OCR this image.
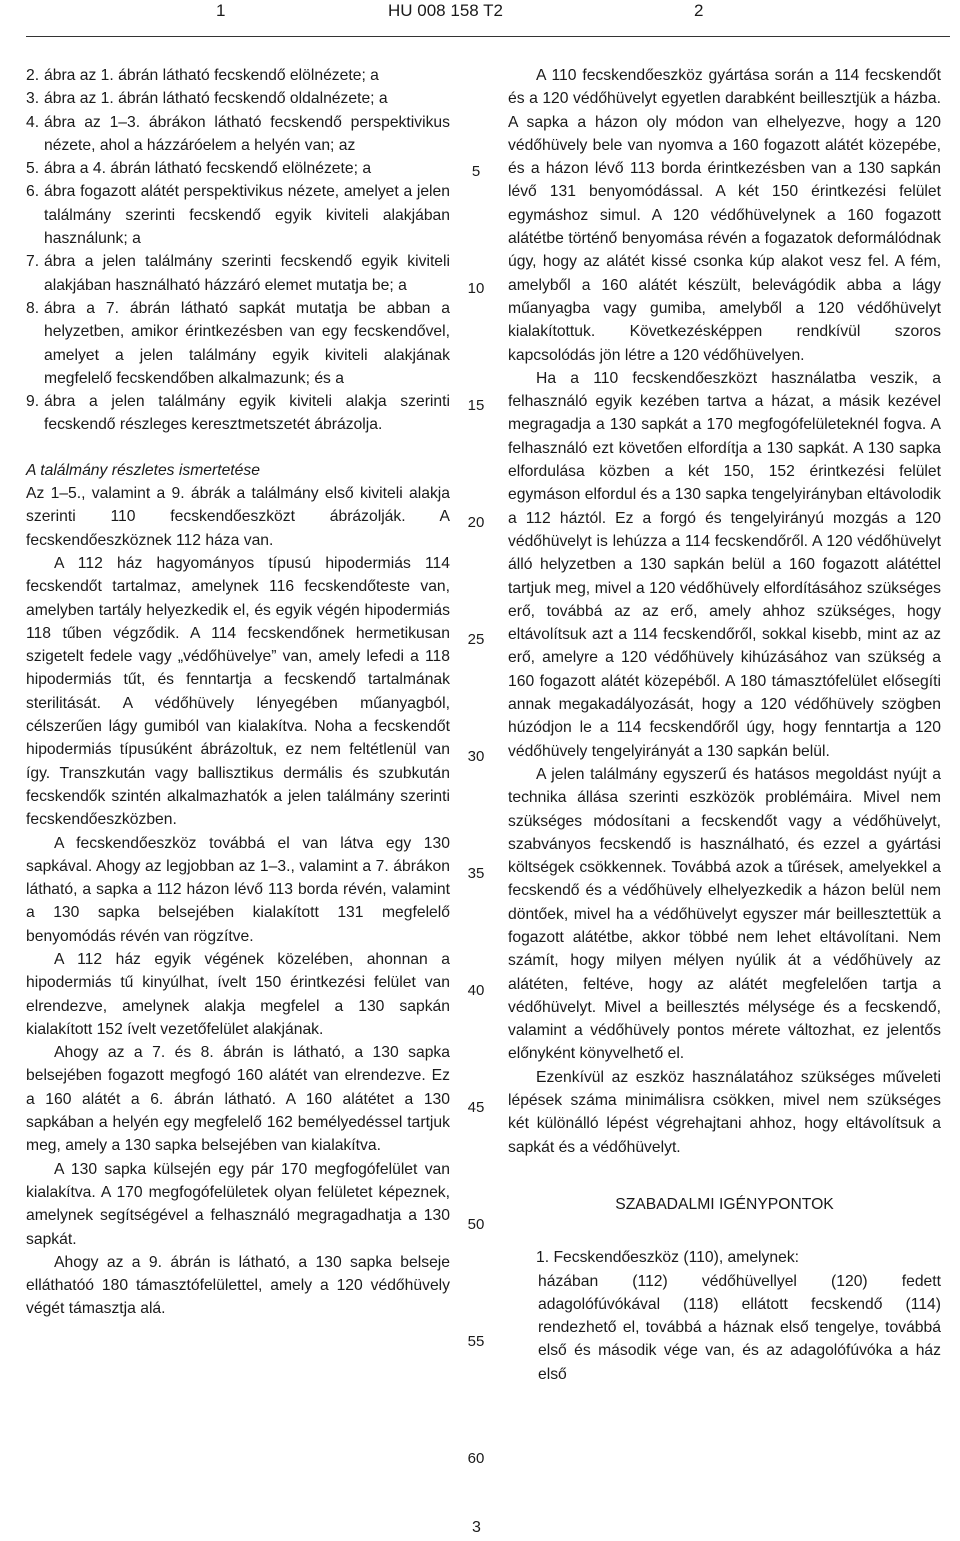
1	HU 008 158 T2	2
2. ábra az 1. ábrán látható fecskendő elölnézete; a
3. ábra az 1. ábrán látható fecskendő oldalnézete; a
4. ábra az 1–3. ábrákon látható fecskendő perspektivikus nézete, ahol a házzáróelem a helyén van; az
5. ábra a 4. ábrán látható fecskendő elölnézete; a
6. ábra fogazott alátét perspektivikus nézete, amelyet a jelen találmány szerinti fecskendő egyik kiviteli alakjában használunk; a
7. ábra a jelen találmány szerinti fecskendő egyik kiviteli alakjában használható házzáró elemet mutatja be; a
8. ábra a 7. ábrán látható sapkát mutatja be abban a helyzetben, amikor érintkezésben van egy fecskendővel, amelyet a jelen találmány egyik kiviteli alakjának megfelelő fecskendőben alkalmazunk; és a
9. ábra a jelen találmány egyik kiviteli alakja szerinti fecskendő részleges keresztmetszetét ábrázolja.

A találmány részletes ismertetése

Az 1–5., valamint a 9. ábrák a találmány első kiviteli alakja szerinti 110 fecskendőeszközt ábrázolják. A fecskendőeszköznek 112 háza van.

A 112 ház hagyományos típusú hipodermiás 114 fecskendőt tartalmaz, amelynek 116 fecskendőteste van, amelyben tartály helyezkedik el, és egyik végén hipodermiás 118 tűben végződik. A 114 fecskendőnek hermetikusan szigetelt fedele vagy „védőhüvelye” van, amely lefedi a 118 hipodermiás tűt, és fenntartja a fecskendő tartalmának sterilitását. A védőhüvely lényegében műanyagból, célszerűen lágy gumiból van kialakítva. Noha a fecskendőt hipodermiás típusúként ábrázoltuk, ez nem feltétlenül van így. Transzkután vagy ballisztikus dermális és szubkután fecskendők szintén alkalmazhatók a jelen találmány szerinti fecskendőeszközben.

A fecskendőeszköz továbbá el van látva egy 130 sapkával. Ahogy az legjobban az 1–3., valamint a 7. ábrákon látható, a sapka a 112 házon lévő 113 borda révén, valamint a 130 sapka belsejében kialakított 131 megfelelő benyomódás révén van rögzítve.

A 112 ház egyik végének közelében, ahonnan a hipodermiás tű kinyúlhat, ívelt 150 érintkezési felület van elrendezve, amelynek alakja megfelel a 130 sapkán kialakított 152 ívelt vezetőfelület alakjának.

Ahogy az a 7. és 8. ábrán is látható, a 130 sapka belsejében fogazott megfogó 160 alátét van elrendezve. Ez a 160 alátét a 6. ábrán látható. A 160 alátétet a 130 sapkában a helyén egy megfelelő 162 bemélyedéssel tartjuk meg, amely a 130 sapka belsejében van kialakítva.

A 130 sapka külsején egy pár 170 megfogófelület van kialakítva. A 170 megfogófelületek olyan felületet képeznek, amelynek segítségével a felhasználó megragadhatja a 130 sapkát.

Ahogy az a 9. ábrán is látható, a 130 sapka belseje elláthatóó 180 támasztófelülettel, amely a 120 védőhüvely végét támasztja alá.

5
10
15
20
25
30
35
40
45
50
55
60

A 110 fecskendőeszköz gyártása során a 114 fecskendőt és a 120 védőhüvelyt egyetlen darabként beillesztjük a házba. A sapka a házon oly módon van elhelyezve, hogy a 120 védőhüvely bele van nyomva a 160 fogazott alátét közepébe, és a házon lévő 113 borda érintkezésben van a 130 sapkán lévő 131 benyomódással. A két 150 érintkezési felület egymáshoz simul. A 120 védőhüvelynek a 160 fogazott alátétbe történő benyomása révén a fogazatok deformálódnak úgy, hogy az alátét kissé csonka kúp alakot vesz fel. A fém, amelyből a 160 alátét készült, belevágódik abba a lágy műanyagba vagy gumiba, amelyből a 120 védőhüvelyt kialakítottuk. Következésképpen rendkívül szoros kapcsolódás jön létre a 120 védőhüvelyen.

Ha a 110 fecskendőeszközt használatba veszik, a felhasználó egyik kezében tartva a házat, a másik kezével megragadja a 130 sapkát a 170 megfogófelületeknél fogva. A felhasználó ezt követően elfordítja a 130 sapkát. A 130 sapka elfordulása közben a két 150, 152 érintkezési felület egymáson elfordul és a 130 sapka tengelyirányban eltávolodik a 112 háztól. Ez a forgó és tengelyirányú mozgás a 120 védőhüvelyt is lehúzza a 114 fecskendőről. A 120 védőhüvelyt álló helyzetben a 130 sapkán belül a 160 fogazott alátéttel tartjuk meg, mivel a 120 védőhüvely elfordításához szükséges erő, továbbá az az erő, amely ahhoz szükséges, hogy eltávolítsuk azt a 114 fecskendőről, sokkal kisebb, mint az az erő, amelyre a 120 védőhüvely kihúzásához van szükség a 160 fogazott alátét közepéből. A 180 támasztófelület elősegíti annak megakadályozását, hogy a 120 védőhüvely szögben húzódjon le a 114 fecskendőről úgy, hogy fenntartja a 120 védőhüvely tengelyirányát a 130 sapkán belül.

A jelen találmány egyszerű és hatásos megoldást nyújt a technika állása szerinti eszközök problémáira. Mivel nem szükséges módosítani a fecskendőt vagy a védőhüvelyt, szabványos fecskendő is használható, és ezzel a gyártási költségek csökkennek. Továbbá azok a tűrések, amelyekkel a fecskendő és a védőhüvely elhelyezkedik a házon belül nem döntőek, mivel ha a védőhüvelyt egyszer már beillesztettük a fogazott alátétbe, akkor többé nem lehet eltávolítani. Nem számít, hogy milyen mélyen nyúlik át a védőhüvely az alátéten, feltéve, hogy az alátét megfelelően tartja a védőhüvelyt. Mivel a beillesztés mélysége és a fecskendő, valamint a védőhüvely pontos mérete változhat, ez jelentős előnyként könyvelhető el.

Ezenkívül az eszköz használatához szükséges műveleti lépések száma minimálisra csökken, mivel nem szükséges két különálló lépést végrehajtani ahhoz, hogy eltávolítsuk a sapkát és a védőhüvelyt.

SZABADALMI IGÉNYPONTOK

1. Fecskendőeszköz (110), amelynek:

házában (112) védőhüvellyel (120) fedett adagolófúvókával (118) ellátott fecskendő (114) rendezhető el, továbbá a háznak első tengelye, továbbá első és második vége van, és az adagolófúvóka a ház első

3
